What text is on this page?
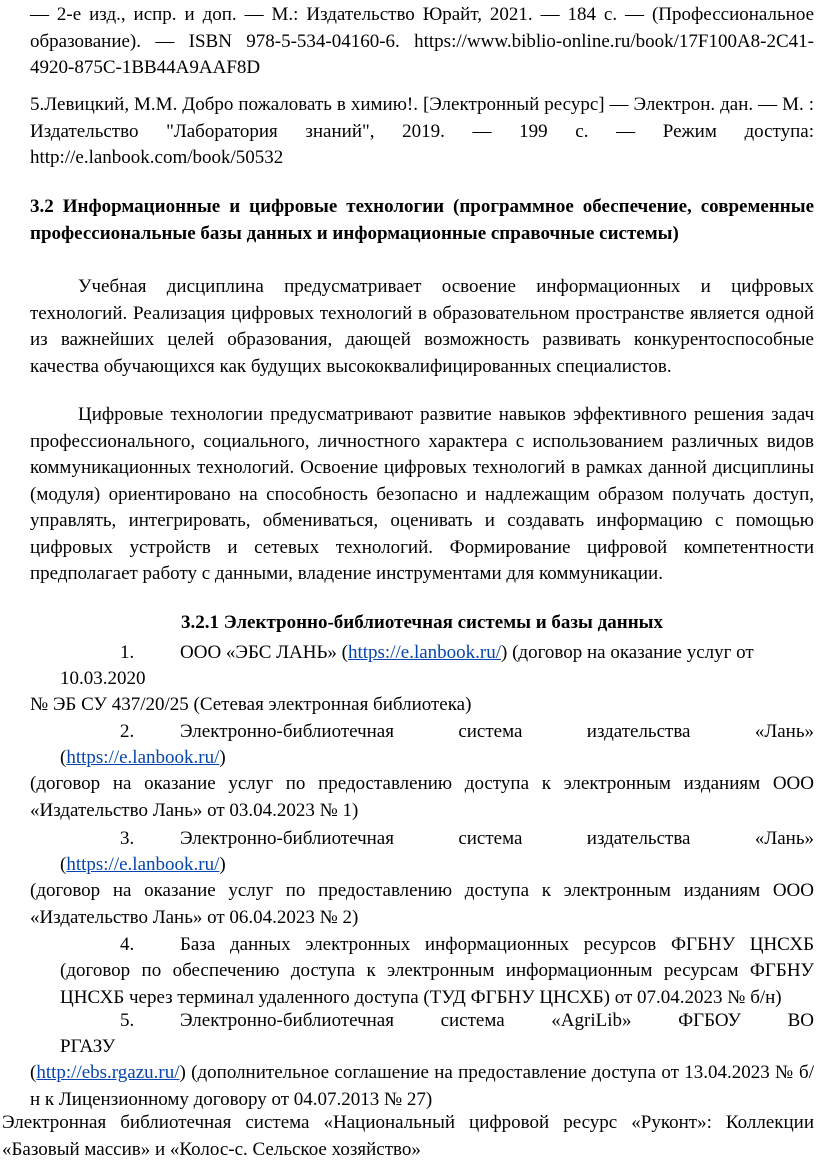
— 2-е изд., испр. и доп. — М.: Издательство Юрайт, 2021. — 184 с. — (Профессиональное образование). — ISBN 978-5-534-04160-6. https://www.biblio-online.ru/book/17F100A8-2C41-4920-875C-1BB44A9AAF8D

5.Левицкий, М.М. Добро пожаловать в химию!. [Электронный ресурс] — Электрон. дан. — М. : Издательство "Лаборатория знаний", 2019. — 199 с. — Режим доступа: http://e.lanbook.com/book/50532

3.2 Информационные и цифровые технологии (программное обеспечение, современные профессиональные базы данных и информационные справочные системы)

Учебная дисциплина предусматривает освоение информационных и цифровых технологий. Реализация цифровых технологий в образовательном пространстве является одной из важнейших целей образования, дающей возможность развивать конкурентоспособные качества обучающихся как будущих высококвалифицированных специалистов.

Цифровые технологии предусматривают развитие навыков эффективного решения задач профессионального, социального, личностного характера с использованием различных видов коммуникационных технологий. Освоение цифровых технологий в рамках данной дисциплины (модуля) ориентировано на способность безопасно и надлежащим образом получать доступ, управлять, интегрировать, обмениваться, оценивать и создавать информацию с помощью цифровых устройств и сетевых технологий. Формирование цифровой компетентности предполагает работу с данными, владение инструментами для коммуникации.

3.2.1 Электронно-библиотечная системы и базы данных

1. ООО «ЭБС ЛАНЬ» (https://e.lanbook.ru/) (договор на оказание услуг от

10.03.2020

№ ЭБ СУ 437/20/25 (Сетевая электронная библиотека)

2. Электронно-библиотечная система издательства «Лань»

(https://e.lanbook.ru/)

(договор на оказание услуг по предоставлению доступа к электронным изданиям ООО «Издательство Лань» от 03.04.2023 № 1)

3. Электронно-библиотечная система издательства «Лань»

(https://e.lanbook.ru/)

(договор на оказание услуг по предоставлению доступа к электронным изданиям ООО «Издательство Лань» от 06.04.2023 № 2)

4. База данных электронных информационных ресурсов ФГБНУ ЦНСХБ

(договор по обеспечению доступа к электронным информационным ресурсам ФГБНУ ЦНСХБ через терминал удаленного доступа (ТУД ФГБНУ ЦНСХБ) от 07.04.2023 № б/н)

5. Электронно-библиотечная система «AgriLib» ФГБОУ ВО

РГАЗУ

(http://ebs.rgazu.ru/) (дополнительное соглашение на предоставление доступа от 13.04.2023 № б/н к Лицензионному договору от 04.07.2013 № 27)

Электронная библиотечная система «Национальный цифровой ресурс «Руконт»: Коллекции «Базовый массив» и «Колос-с. Сельское хозяйство»
